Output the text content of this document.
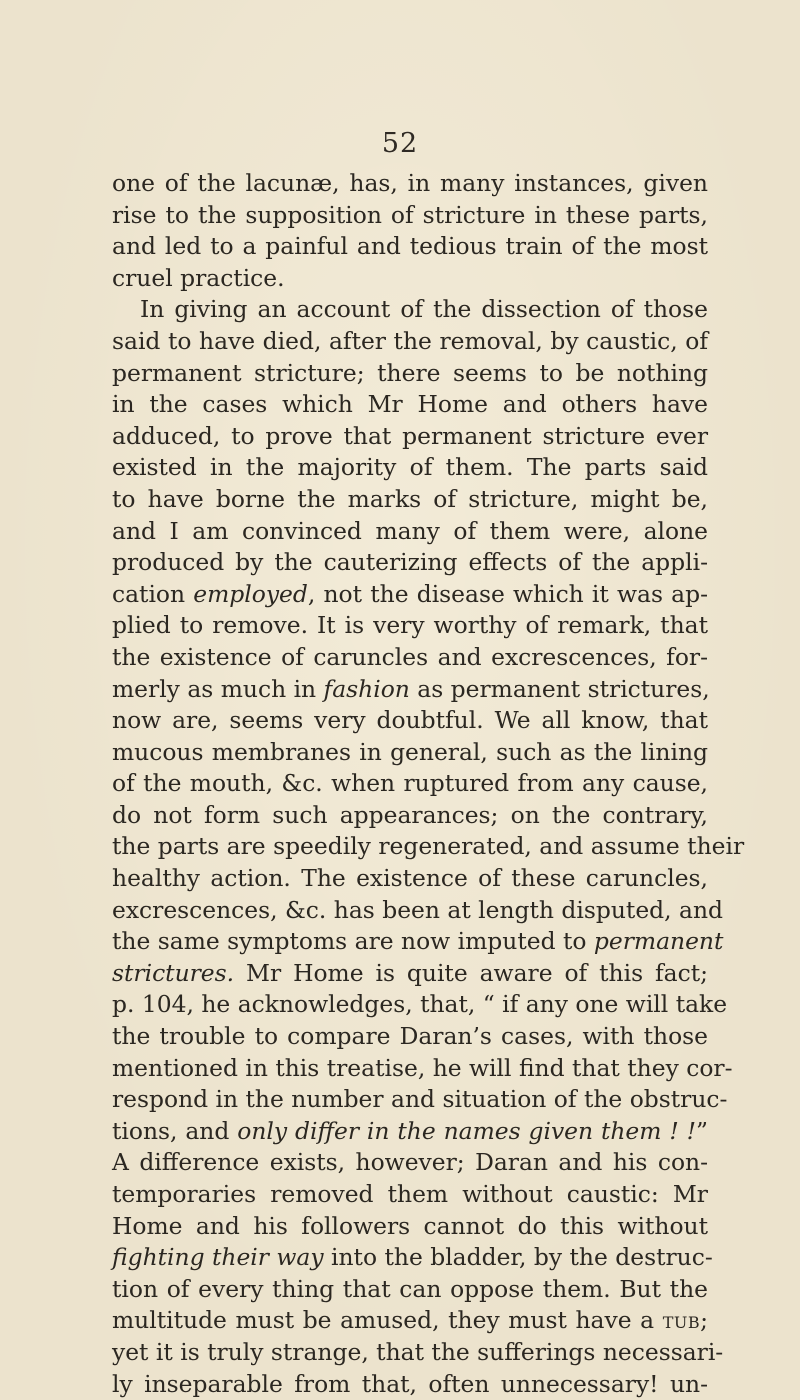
52
one of the lacunæ, has, in many instances, given
rise to the supposition of stricture in these parts,
and led to a painful and tedious train of the most
cruel practice.
In giving an account of the dissection of those
said to have died, after the removal, by caustic, of
permanent stricture; there seems to be nothing
in the cases which Mr Home and others have
adduced, to prove that permanent stricture ever
existed in the majority of them. The parts said
to have borne the marks of stricture, might be,
and I am convinced many of them were, alone
produced by the cauterizing effects of the appli-
cation employed, not the disease which it was ap-
plied to remove. It is very worthy of remark, that
the existence of caruncles and excrescences, for-
merly as much in fashion as permanent strictures,
now are, seems very doubtful. We all know, that
mucous membranes in general, such as the lining
of the mouth, &c. when ruptured from any cause,
do not form such appearances; on the contrary,
the parts are speedily regenerated, and assume their
healthy action. The existence of these caruncles,
excrescences, &c. has been at length disputed, and
the same symptoms are now imputed to permanent
strictures. Mr Home is quite aware of this fact;
p. 104, he acknowledges, that, “ if any one will take
the trouble to compare Daran’s cases, with those
mentioned in this treatise, he will find that they cor-
respond in the number and situation of the obstruc-
tions, and only differ in the names given them ! !”
A difference exists, however; Daran and his con-
temporaries removed them without caustic: Mr
Home and his followers cannot do this without
fighting their way into the bladder, by the destruc-
tion of every thing that can oppose them. But the
multitude must be amused, they must have a tub;
yet it is truly strange, that the sufferings necessari-
ly inseparable from that, often unnecessary! un-
